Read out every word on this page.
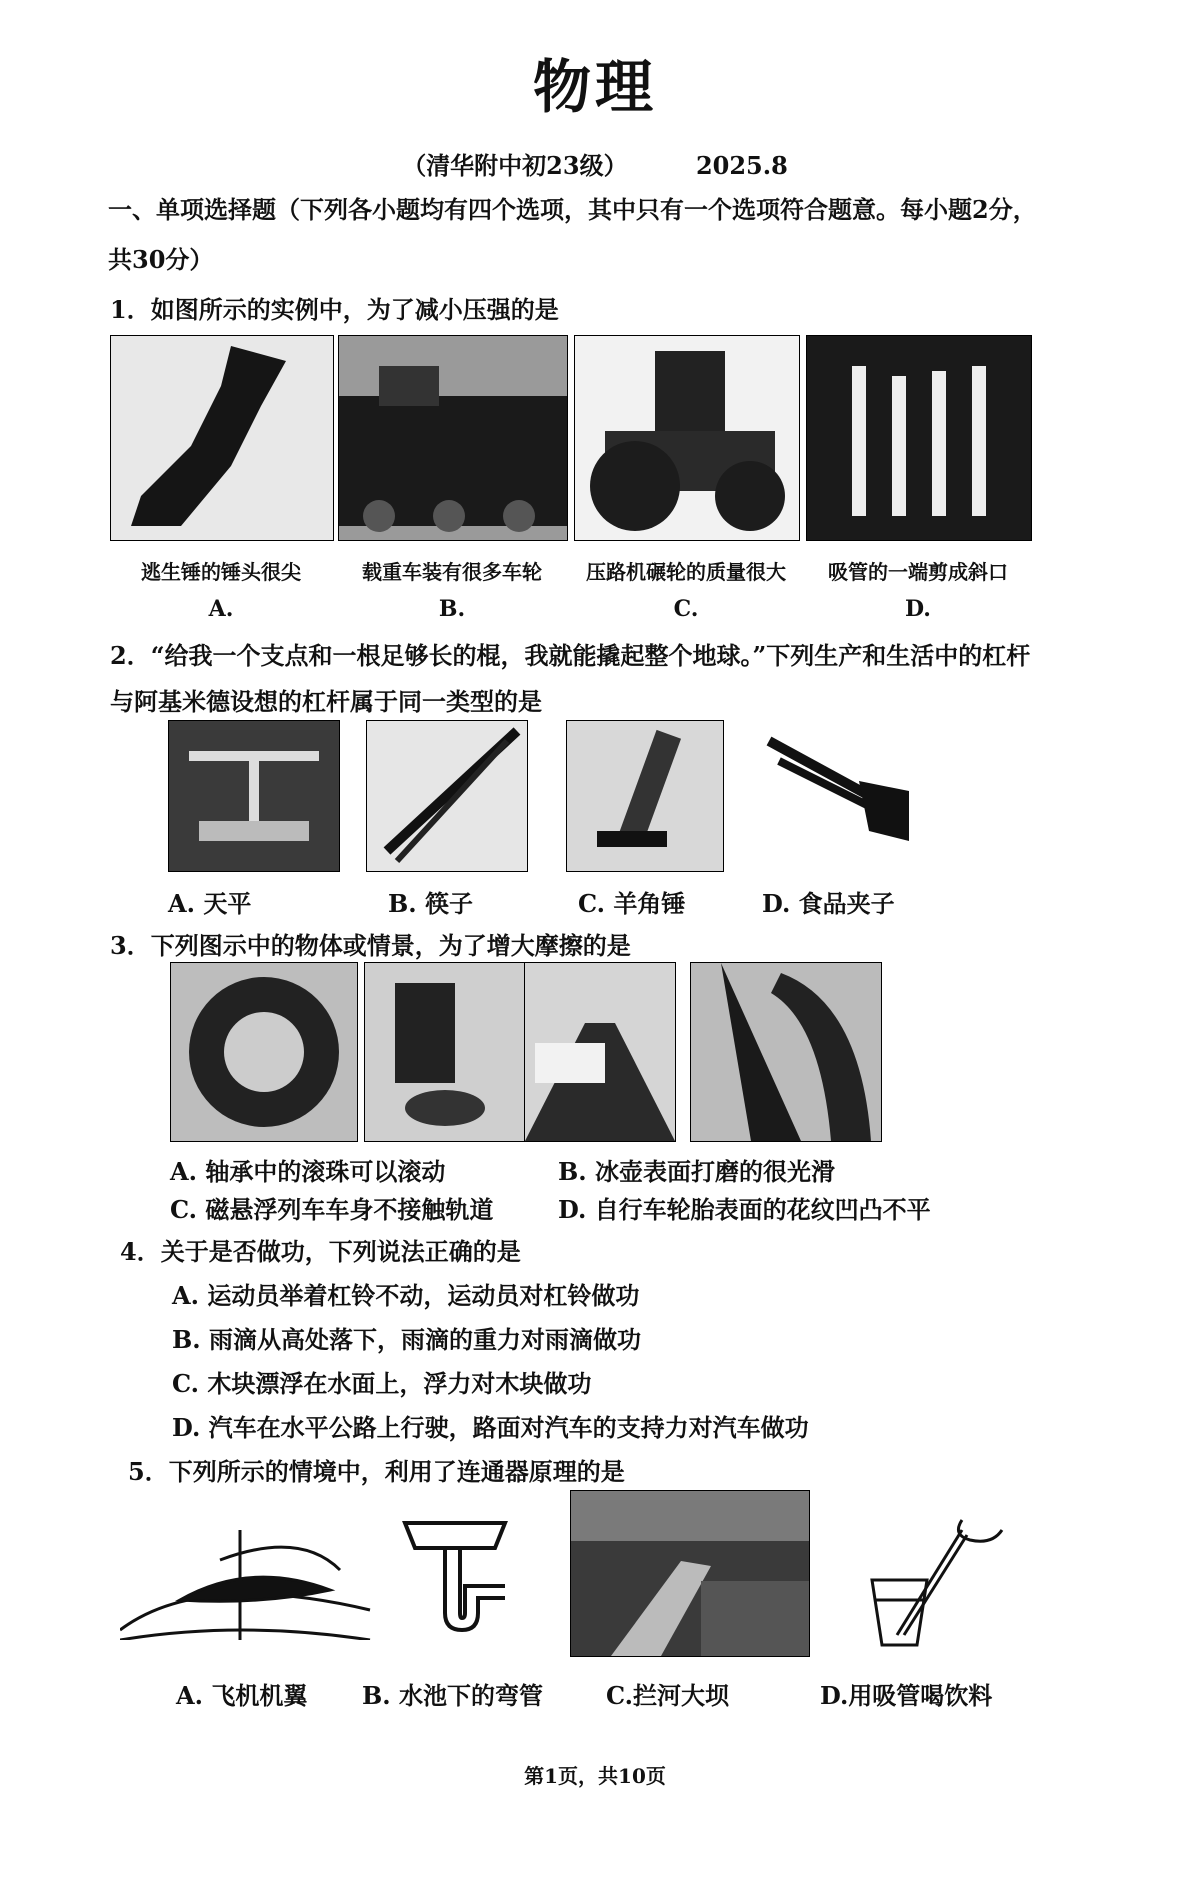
物理
（清华附中初23级）	2025.8
一、单项选择题（下列各小题均有四个选项，其中只有一个选项符合题意。每小题2分，
共30分）
1．如图所示的实例中，为了减小压强的是
逃生锤的锤头很尖	载重车装有很多车轮	压路机碾轮的质量很大	吸管的一端剪成斜口
A.	B.	C.	D.
2．“给我一个支点和一根足够长的棍，我就能撬起整个地球。”下列生产和生活中的杠杆
与阿基米德设想的杠杆属于同一类型的是
A. 天平	B. 筷子	C. 羊角锤	D. 食品夹子
3．下列图示中的物体或情景，为了增大摩擦的是
A. 轴承中的滚珠可以滚动	B. 冰壶表面打磨的很光滑
C. 磁悬浮列车车身不接触轨道	D. 自行车轮胎表面的花纹凹凸不平
4．关于是否做功，下列说法正确的是
A. 运动员举着杠铃不动，运动员对杠铃做功
B. 雨滴从高处落下，雨滴的重力对雨滴做功
C. 木块漂浮在水面上，浮力对木块做功
D. 汽车在水平公路上行驶，路面对汽车的支持力对汽车做功
5．下列所示的情境中，利用了连通器原理的是
A. 飞机机翼 B. 水池下的弯管	C.拦河大坝	D.用吸管喝饮料
第1页，共10页
